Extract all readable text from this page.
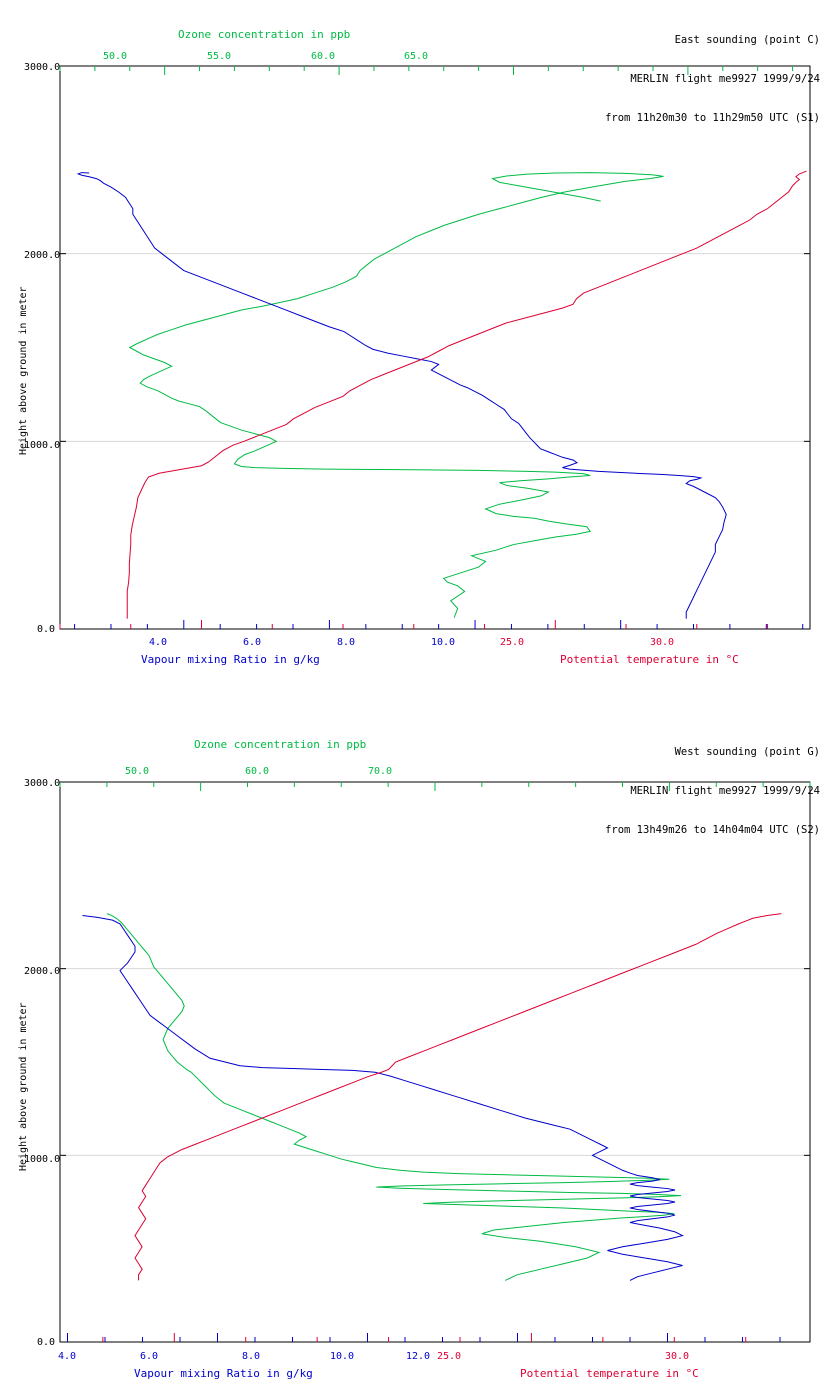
East sounding (point C)

MERLIN flight me9927 1999/9/24

from 11h20m30 to 11h29m50 UTC (S1)

Ozone concentration in ppb
50.0	55.0	60.0	65.0
3000.0
2000.0
1000.0
0.0
Height above ground in meter
4.0	6.0	8.0	10.0	25.0	30.0
Vapour mixing Ratio in g/kg	Potential temperature in °C

West sounding (point G)

MERLIN flight me9927 1999/9/24

from 13h49m26 to 14h04m04 UTC (S2)

Ozone concentration in ppb
50.0	60.0	70.0
3000.0
2000.0
1000.0
0.0
Height above ground in meter
4.0	6.0	8.0	10.0	12.0 25.0	30.0
Vapour mixing Ratio in g/kg	Potential temperature in °C
